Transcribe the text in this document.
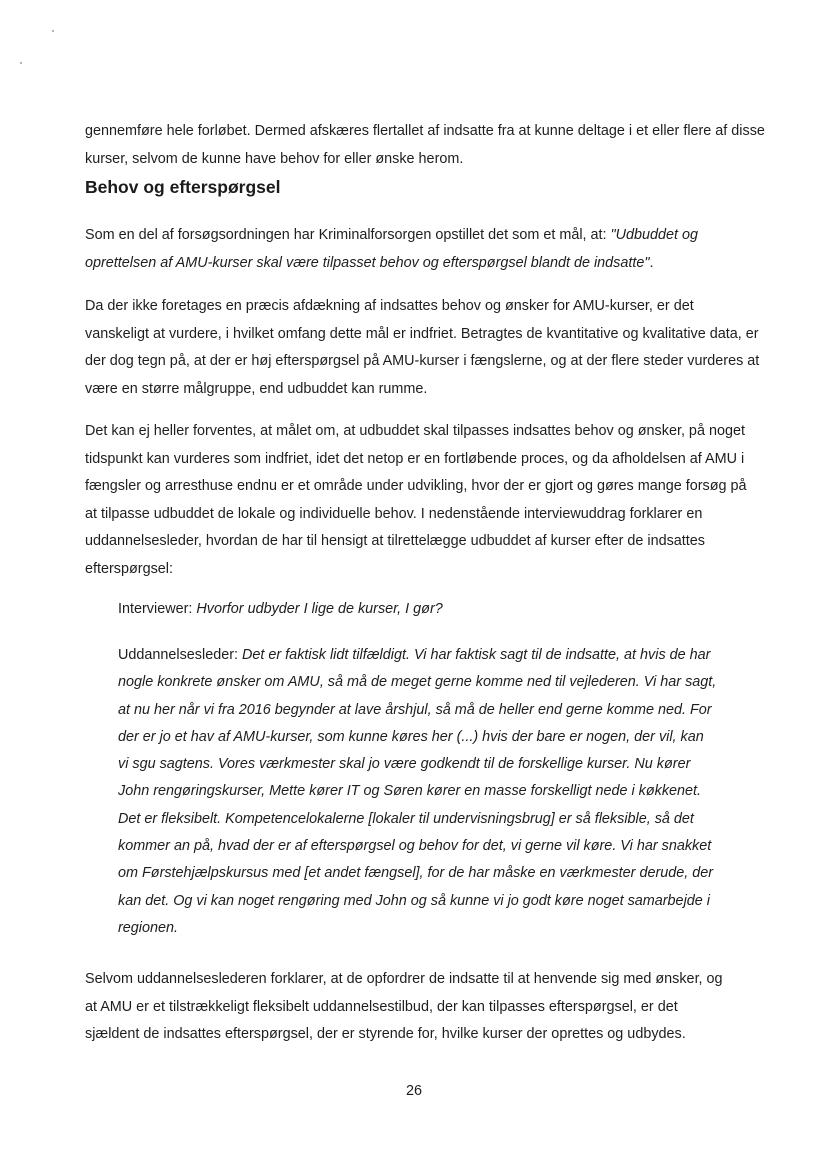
gennemføre hele forløbet. Dermed afskæres flertallet af indsatte fra at kunne deltage i et eller flere af disse kurser, selvom de kunne have behov for eller ønske herom.

Behov og efterspørgsel

Som en del af forsøgsordningen har Kriminalforsorgen opstillet det som et mål, at: "Udbuddet og oprettelsen af AMU-kurser skal være tilpasset behov og efterspørgsel blandt de indsatte".

Da der ikke foretages en præcis afdækning af indsattes behov og ønsker for AMU-kurser, er det vanskeligt at vurdere, i hvilket omfang dette mål er indfriet. Betragtes de kvantitative og kvalitative data, er der dog tegn på, at der er høj efterspørgsel på AMU-kurser i fængslerne, og at der flere steder vurderes at være en større målgruppe, end udbuddet kan rumme.

Det kan ej heller forventes, at målet om, at udbuddet skal tilpasses indsattes behov og ønsker, på noget tidspunkt kan vurderes som indfriet, idet det netop er en fortløbende proces, og da afholdelsen af AMU i fængsler og arresthuse endnu er et område under udvikling, hvor der er gjort og gøres mange forsøg på at tilpasse udbuddet de lokale og individuelle behov. I nedenstående interviewuddrag forklarer en uddannelsesleder, hvordan de har til hensigt at tilrettelægge udbuddet af kurser efter de indsattes efterspørgsel:

Interviewer: Hvorfor udbyder I lige de kurser, I gør?

Uddannelsesleder: Det er faktisk lidt tilfældigt. Vi har faktisk sagt til de indsatte, at hvis de har nogle konkrete ønsker om AMU, så må de meget gerne komme ned til vejlederen. Vi har sagt, at nu her når vi fra 2016 begynder at lave årshjul, så må de heller end gerne komme ned. For der er jo et hav af AMU-kurser, som kunne køres her (...) hvis der bare er nogen, der vil, kan vi sgu sagtens. Vores værkmester skal jo være godkendt til de forskellige kurser. Nu kører John rengøringskurser, Mette kører IT og Søren kører en masse forskelligt nede i køkkenet. Det er fleksibelt. Kompetencelokalerne [lokaler til undervisningsbrug] er så fleksible, så det kommer an på, hvad der er af efterspørgsel og behov for det, vi gerne vil køre. Vi har snakket om Førstehjælpskursus med [et andet fængsel], for de har måske en værkmester derude, der kan det. Og vi kan noget rengøring med John og så kunne vi jo godt køre noget samarbejde i regionen.

Selvom uddannelseslederen forklarer, at de opfordrer de indsatte til at henvende sig med ønsker, og at AMU er et tilstrækkeligt fleksibelt uddannelsestilbud, der kan tilpasses efterspørgsel, er det sjældent de indsattes efterspørgsel, der er styrende for, hvilke kurser der oprettes og udbydes.

26
